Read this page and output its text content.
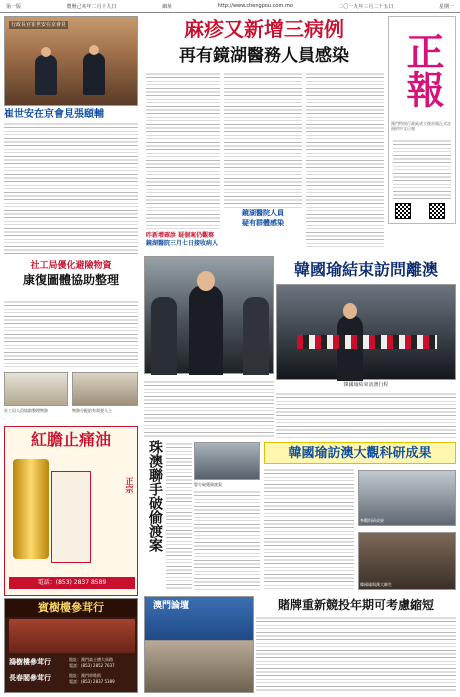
第一版	農曆己亥年二月十九日	網址	http://www.chengpou.com.mo	二〇一九年三月二十五日	星期一
行政長官崔世安在京會見	麻疹又新增三病例
再有鏡湖醫務人員感染	正報
澳門特別行政區成立後首個正式註冊的中文日報
崔世安在京會見張頤輔
昨新增確診 疑個案仍觀察
鏡湖醫院三月七日接收病人
鏡湖醫院人員
疑有群體感染
社工局優化避險物資
康復圖體協助整理
社工局人員協助整理物資	物資分配給有需要人士
韓國瑜結束訪問離澳
韓國瑜結束訪澳行程
珠澳聯手破偷渡案	警方破獲偷渡案
韓國瑜訪澳大觀科研成果
參觀科研成果
韓國瑜與澳大師生
紅膽止痛油
正宗
電話：(853) 2837 8589
賓樹樓參茸行
鴻樹樓參茸行	地址：澳門高士德大馬路
電話：(853) 2852 7637
長春閣參茸行	地址：澳門草堆街
電話：(853) 2837 5389
澳門論壇	賭牌重新競投年期可考慮縮短
